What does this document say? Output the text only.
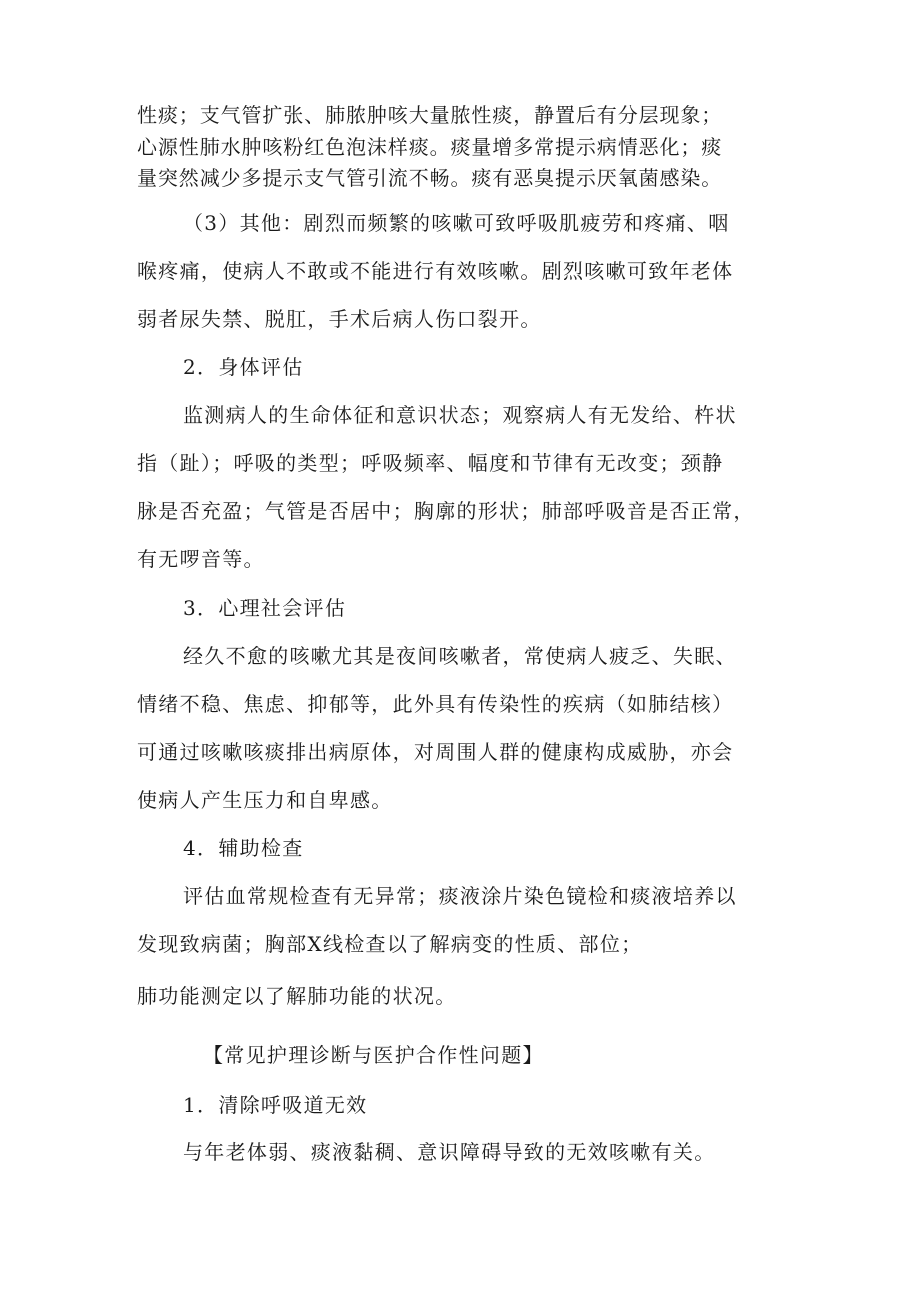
性痰；支气管扩张、肺脓肿咳大量脓性痰，静置后有分层现象；
心源性肺水肿咳粉红色泡沫样痰。痰量增多常提示病情恶化；痰
量突然减少多提示支气管引流不畅。痰有恶臭提示厌氧菌感染。
（3）其他：剧烈而频繁的咳嗽可致呼吸肌疲劳和疼痛、咽
喉疼痛，使病人不敢或不能进行有效咳嗽。剧烈咳嗽可致年老体
弱者尿失禁、脱肛，手术后病人伤口裂开。
2．身体评估
监测病人的生命体征和意识状态；观察病人有无发给、杵状
指（趾）；呼吸的类型；呼吸频率、幅度和节律有无改变；颈静
脉是否充盈；气管是否居中；胸廓的形状；肺部呼吸音是否正常，
有无啰音等。
3．心理社会评估
经久不愈的咳嗽尤其是夜间咳嗽者，常使病人疲乏、失眠、
情绪不稳、焦虑、抑郁等，此外具有传染性的疾病（如肺结核）
可通过咳嗽咳痰排出病原体，对周围人群的健康构成威胁，亦会
使病人产生压力和自卑感。
4．辅助检查
评估血常规检查有无异常；痰液涂片染色镜检和痰液培养以
发现致病菌；胸部X线检查以了解病变的性质、部位；
肺功能测定以了解肺功能的状况。
【常见护理诊断与医护合作性问题】
1．清除呼吸道无效
与年老体弱、痰液黏稠、意识障碍导致的无效咳嗽有关。
